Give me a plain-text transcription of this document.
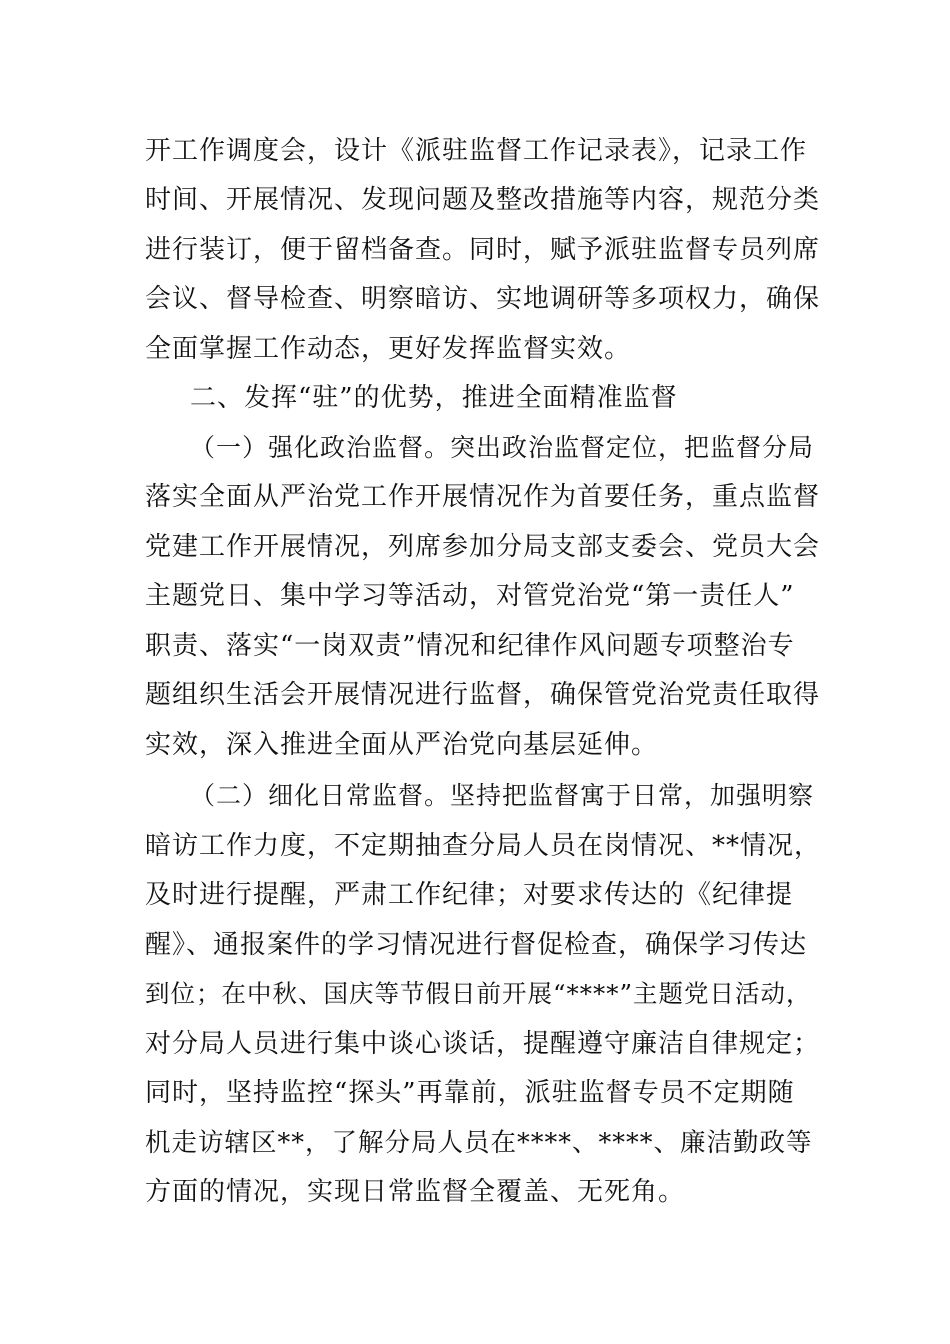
开工作调度会，设计《派驻监督工作记录表》，记录工作
时间、开展情况、发现问题及整改措施等内容，规范分类
进行装订，便于留档备查。同时，赋予派驻监督专员列席
会议、督导检查、明察暗访、实地调研等多项权力，确保
全面掌握工作动态，更好发挥监督实效。
二、发挥“驻”的优势，推进全面精准监督
（一）强化政治监督。突出政治监督定位，把监督分局
落实全面从严治党工作开展情况作为首要任务，重点监督
党建工作开展情况，列席参加分局支部支委会、党员大会
主题党日、集中学习等活动，对管党治党“第一责任人”
职责、落实“一岗双责”情况和纪律作风问题专项整治专
题组织生活会开展情况进行监督，确保管党治党责任取得
实效，深入推进全面从严治党向基层延伸。
（二）细化日常监督。坚持把监督寓于日常，加强明察
暗访工作力度，不定期抽查分局人员在岗情况、**情况，
及时进行提醒，严肃工作纪律；对要求传达的《纪律提
醒》、通报案件的学习情况进行督促检查，确保学习传达
到位；在中秋、国庆等节假日前开展“****”主题党日活动，
对分局人员进行集中谈心谈话，提醒遵守廉洁自律规定；
同时，坚持监控“探头”再靠前，派驻监督专员不定期随
机走访辖区**，了解分局人员在****、****、廉洁勤政等
方面的情况，实现日常监督全覆盖、无死角。
